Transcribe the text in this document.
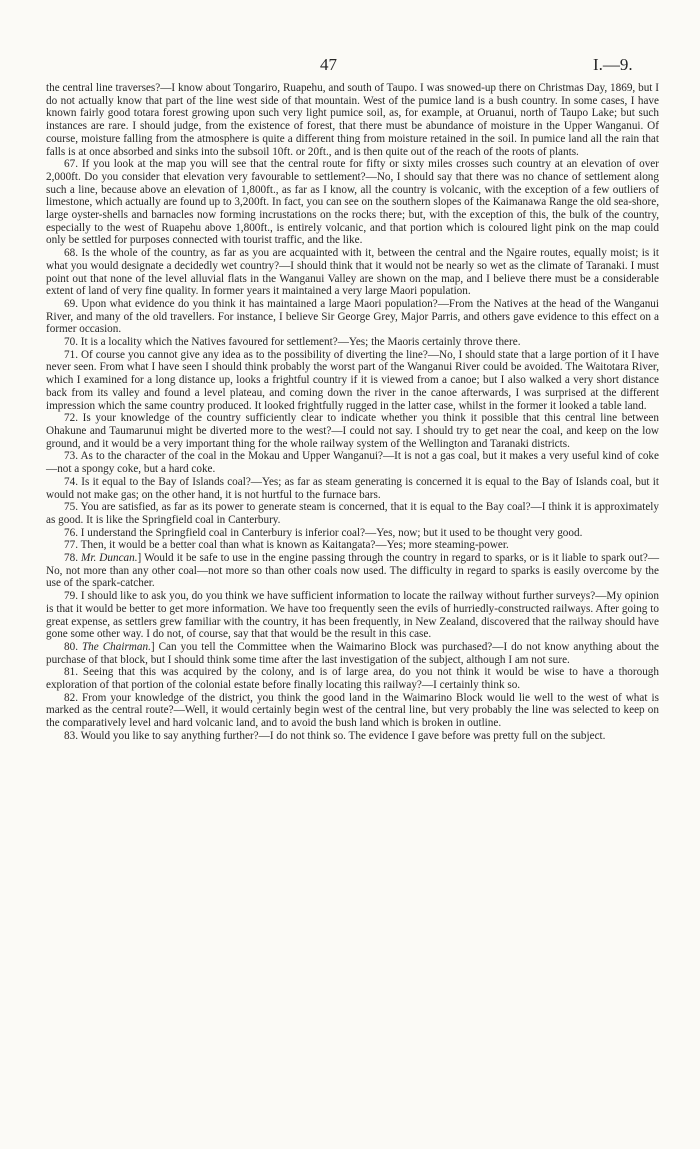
47	I.—9.

the central line traverses?—I know about Tongariro, Ruapehu, and south of Taupo. I was snowed-up there on Christmas Day, 1869, but I do not actually know that part of the line west side of that mountain. West of the pumice land is a bush country. In some cases, I have known fairly good totara forest growing upon such very light pumice soil, as, for example, at Oruanui, north of Taupo Lake; but such instances are rare. I should judge, from the existence of forest, that there must be abundance of moisture in the Upper Wanganui. Of course, moisture falling from the atmosphere is quite a different thing from moisture retained in the soil. In pumice land all the rain that falls is at once absorbed and sinks into the subsoil 10ft. or 20ft., and is then quite out of the reach of the roots of plants.

67. If you look at the map you will see that the central route for fifty or sixty miles crosses such country at an elevation of over 2,000ft. Do you consider that elevation very favourable to settlement?—No, I should say that there was no chance of settlement along such a line, because above an elevation of 1,800ft., as far as I know, all the country is volcanic, with the exception of a few outliers of limestone, which actually are found up to 3,200ft. In fact, you can see on the southern slopes of the Kaimanawa Range the old sea-shore, large oyster-shells and barnacles now forming incrustations on the rocks there; but, with the exception of this, the bulk of the country, especially to the west of Ruapehu above 1,800ft., is entirely volcanic, and that portion which is coloured light pink on the map could only be settled for purposes connected with tourist traffic, and the like.

68. Is the whole of the country, as far as you are acquainted with it, between the central and the Ngaire routes, equally moist; is it what you would designate a decidedly wet country?—I should think that it would not be nearly so wet as the climate of Taranaki. I must point out that none of the level alluvial flats in the Wanganui Valley are shown on the map, and I believe there must be a considerable extent of land of very fine quality. In former years it maintained a very large Maori population.

69. Upon what evidence do you think it has maintained a large Maori population?—From the Natives at the head of the Wanganui River, and many of the old travellers. For instance, I believe Sir George Grey, Major Parris, and others gave evidence to this effect on a former occasion.

70. It is a locality which the Natives favoured for settlement?—Yes; the Maoris certainly throve there.

71. Of course you cannot give any idea as to the possibility of diverting the line?—No, I should state that a large portion of it I have never seen. From what I have seen I should think probably the worst part of the Wanganui River could be avoided. The Waitotara River, which I examined for a long distance up, looks a frightful country if it is viewed from a canoe; but I also walked a very short distance back from its valley and found a level plateau, and coming down the river in the canoe afterwards, I was surprised at the different impression which the same country produced. It looked frightfully rugged in the latter case, whilst in the former it looked a table land.

72. Is your knowledge of the country sufficiently clear to indicate whether you think it possible that this central line between Ohakune and Taumarunui might be diverted more to the west?—I could not say. I should try to get near the coal, and keep on the low ground, and it would be a very important thing for the whole railway system of the Wellington and Taranaki districts.

73. As to the character of the coal in the Mokau and Upper Wanganui?—It is not a gas coal, but it makes a very useful kind of coke—not a spongy coke, but a hard coke.

74. Is it equal to the Bay of Islands coal?—Yes; as far as steam generating is concerned it is equal to the Bay of Islands coal, but it would not make gas; on the other hand, it is not hurtful to the furnace bars.

75. You are satisfied, as far as its power to generate steam is concerned, that it is equal to the Bay coal?—I think it is approximately as good. It is like the Springfield coal in Canterbury.

76. I understand the Springfield coal in Canterbury is inferior coal?—Yes, now; but it used to be thought very good.

77. Then, it would be a better coal than what is known as Kaitangata?—Yes; more steaming-power.

78. Mr. Duncan.] Would it be safe to use in the engine passing through the country in regard to sparks, or is it liable to spark out?—No, not more than any other coal—not more so than other coals now used. The difficulty in regard to sparks is easily overcome by the use of the spark-catcher.

79. I should like to ask you, do you think we have sufficient information to locate the railway without further surveys?—My opinion is that it would be better to get more information. We have too frequently seen the evils of hurriedly-constructed railways. After going to great expense, as settlers grew familiar with the country, it has been frequently, in New Zealand, discovered that the railway should have gone some other way. I do not, of course, say that that would be the result in this case.

80. The Chairman.] Can you tell the Committee when the Waimarino Block was purchased?—I do not know anything about the purchase of that block, but I should think some time after the last investigation of the subject, although I am not sure.

81. Seeing that this was acquired by the colony, and is of large area, do you not think it would be wise to have a thorough exploration of that portion of the colonial estate before finally locating this railway?—I certainly think so.

82. From your knowledge of the district, you think the good land in the Waimarino Block would lie well to the west of what is marked as the central route?—Well, it would certainly begin west of the central line, but very probably the line was selected to keep on the comparatively level and hard volcanic land, and to avoid the bush land which is broken in outline.

83. Would you like to say anything further?—I do not think so. The evidence I gave before was pretty full on the subject.
